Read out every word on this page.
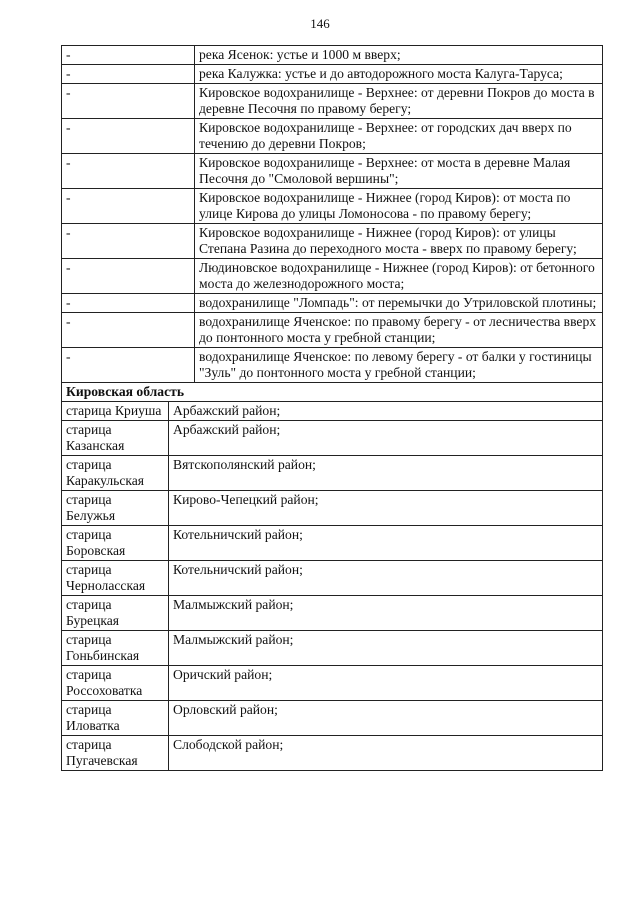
146
-		река Ясенок: устье и 1000 м вверх;
-		река Калужка: устье и до автодорожного моста Калуга-Таруса;
-		Кировское водохранилище - Верхнее: от деревни Покров до моста в деревне Песочня по правому берегу;
-		Кировское водохранилище - Верхнее: от городских дач вверх по течению до деревни Покров;
-		Кировское водохранилище - Верхнее: от моста в деревне Малая Песочня до "Смоловой вершины";
-		Кировское водохранилище - Нижнее (город Киров): от моста по улице Кирова до улицы Ломоносова - по правому берегу;
-		Кировское водохранилище - Нижнее (город Киров): от улицы Степана Разина до переходного моста - вверх по правому берегу;
-		Людиновское водохранилище - Нижнее (город Киров): от бетонного моста до железнодорожного моста;
-		водохранилище "Ломпадь": от перемычки до Утриловской плотины;
-		водохранилище Яченское: по правому берегу - от лесничества вверх до понтонного моста у гребной станции;
-		водохранилище Яченское: по левому берегу - от балки у гостиницы "Зуль" до понтонного моста у гребной станции;
Кировская область		
старица Криуша	Арбажский район;	
старица Казанская	Арбажский район;	
старица Каракульская	Вятскополянский район;	
старица Белужья	Кирово-Чепецкий район;	
старица Боровская	Котельничский район;	
старица Черноласская	Котельничский район;	
старица Бурецкая	Малмыжский район;	
старица Гоньбинская	Малмыжский район;	
старица Россоховатка	Оричский район;	
старица Иловатка	Орловский район;	
старица Пугачевская	Слободской район;	
